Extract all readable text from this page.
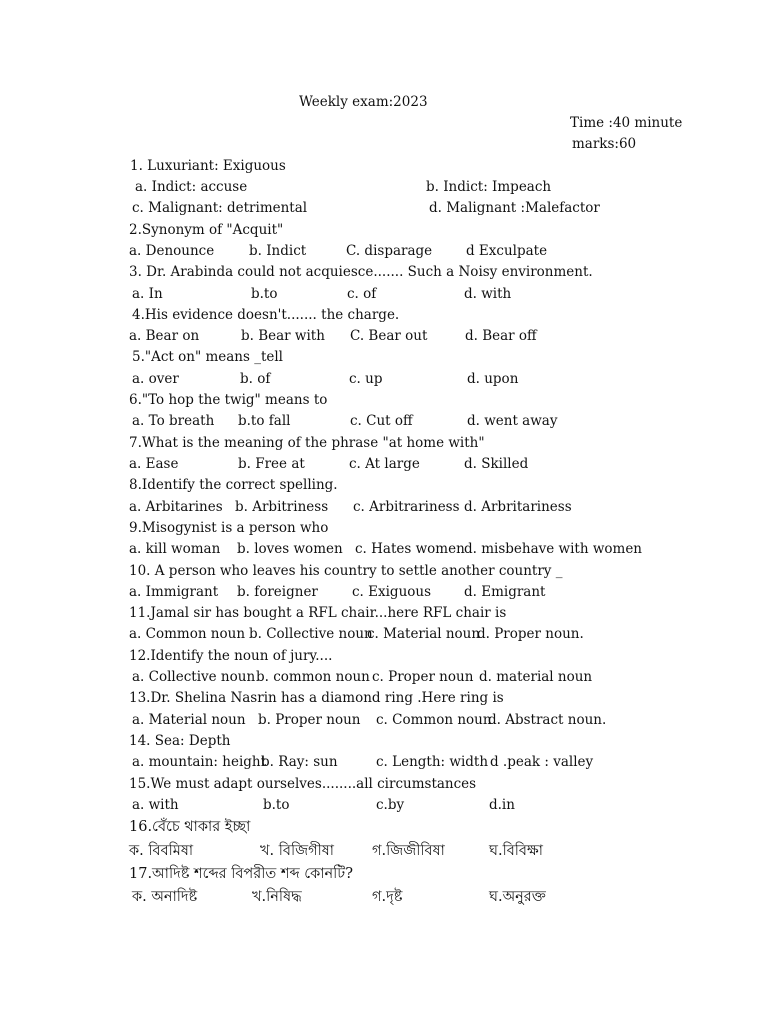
Weekly exam:2023
Time :40 minute
marks:60
1. Luxuriant: Exiguous
a. Indict: accuse	b. Indict: Impeach
c. Malignant: detrimental	d. Malignant :Malefactor
2.Synonym of "Acquit"
a. Denounce	b. Indict	C. disparage	d Exculpate
3. Dr. Arabinda could not acquiesce....... Such a Noisy environment.
a. In	b.to	c. of	d. with
4.His evidence doesn't....... the charge.
a. Bear on	b. Bear with C. Bear out	d. Bear off
5."Act on" means _tell
a. over	b. of	c. up	d. upon
6."To hop the twig" means to
a. To breath b.to fall	c. Cut off	d. went away
7.What is the meaning of the phrase "at home with"
a. Ease	b. Free at	c. At large	d. Skilled
8.Identify the correct spelling.
a. Arbitarines b. Arbitriness c. Arbitrariness d. Arbritariness
9.Misogynist is a person who
a. kill woman b. loves women c. Hates women d. misbehave with women
10. A person who leaves his country to settle another country _
a. Immigrant b. foreigner	c. Exiguous d. Emigrant
11.Jamal sir has bought a RFL chair...here RFL chair is
a. Common noun b. Collective noun
c. Material noun
d. Proper noun.
12.Identify the noun of jury....
a. Collective noun b. common noun c. Proper noun d. material noun
13.Dr. Shelina Nasrin has a diamond ring .Here ring is
a. Material noun b. Proper noun c. Common noun
d. Abstract noun.
14. Sea: Depth
a. mountain: height
b. Ray: sun	c. Length: width d .peak : valley
15.We must adapt ourselves........all circumstances
a. with	b.to	c.by	d.in
16.বেঁচে থাকার ইচ্ছা
ক. বিবমিষা	খ. বিজিগীষা	গ.জিজীবিষা	ঘ.বিবিক্ষা
17.আদিষ্ট শব্দের বিপরীত শব্দ কোনটি?
ক. অনাদিষ্ট	খ.নিষিদ্ধ	গ.দৃষ্ট	ঘ.অনুরক্ত
